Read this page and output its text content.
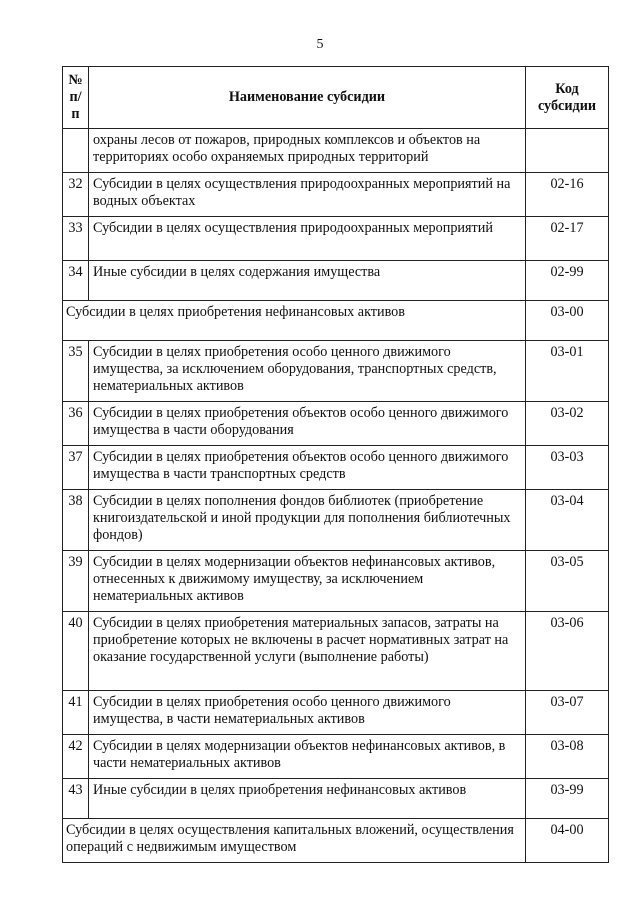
5
№ п/п	Наименование субсидии	Код субсидии
	охраны лесов от пожаров, природных комплексов и объектов на территориях особо охраняемых природных территорий	
32	Субсидии в целях осуществления природоохранных мероприятий на водных объектах	02-16
33	Субсидии в целях осуществления природоохранных мероприятий	02-17
34	Иные субсидии в целях содержания имущества	02-99
Субсидии в целях приобретения нефинансовых активов		03-00
35	Субсидии в целях приобретения особо ценного движимого имущества, за исключением оборудования, транспортных средств, нематериальных активов	03-01
36	Субсидии в целях приобретения объектов особо ценного движимого имущества в части оборудования	03-02
37	Субсидии в целях приобретения объектов особо ценного движимого имущества в части транспортных средств	03-03
38	Субсидии в целях пополнения фондов библиотек (приобретение книгоиздательской и иной продукции для пополнения библиотечных фондов)	03-04
39	Субсидии в целях модернизации объектов нефинансовых активов, отнесенных к движимому имуществу, за исключением нематериальных активов	03-05
40	Субсидии в целях приобретения материальных запасов, затраты на приобретение которых не включены в расчет нормативных затрат на оказание государственной услуги (выполнение работы)	03-06
41	Субсидии в целях приобретения особо ценного движимого имущества, в части нематериальных активов	03-07
42	Субсидии в целях модернизации объектов нефинансовых активов, в части нематериальных активов	03-08
43	Иные субсидии в целях приобретения нефинансовых активов	03-99
Субсидии в целях осуществления капитальных вложений, осуществления операций с недвижимым имуществом		04-00
